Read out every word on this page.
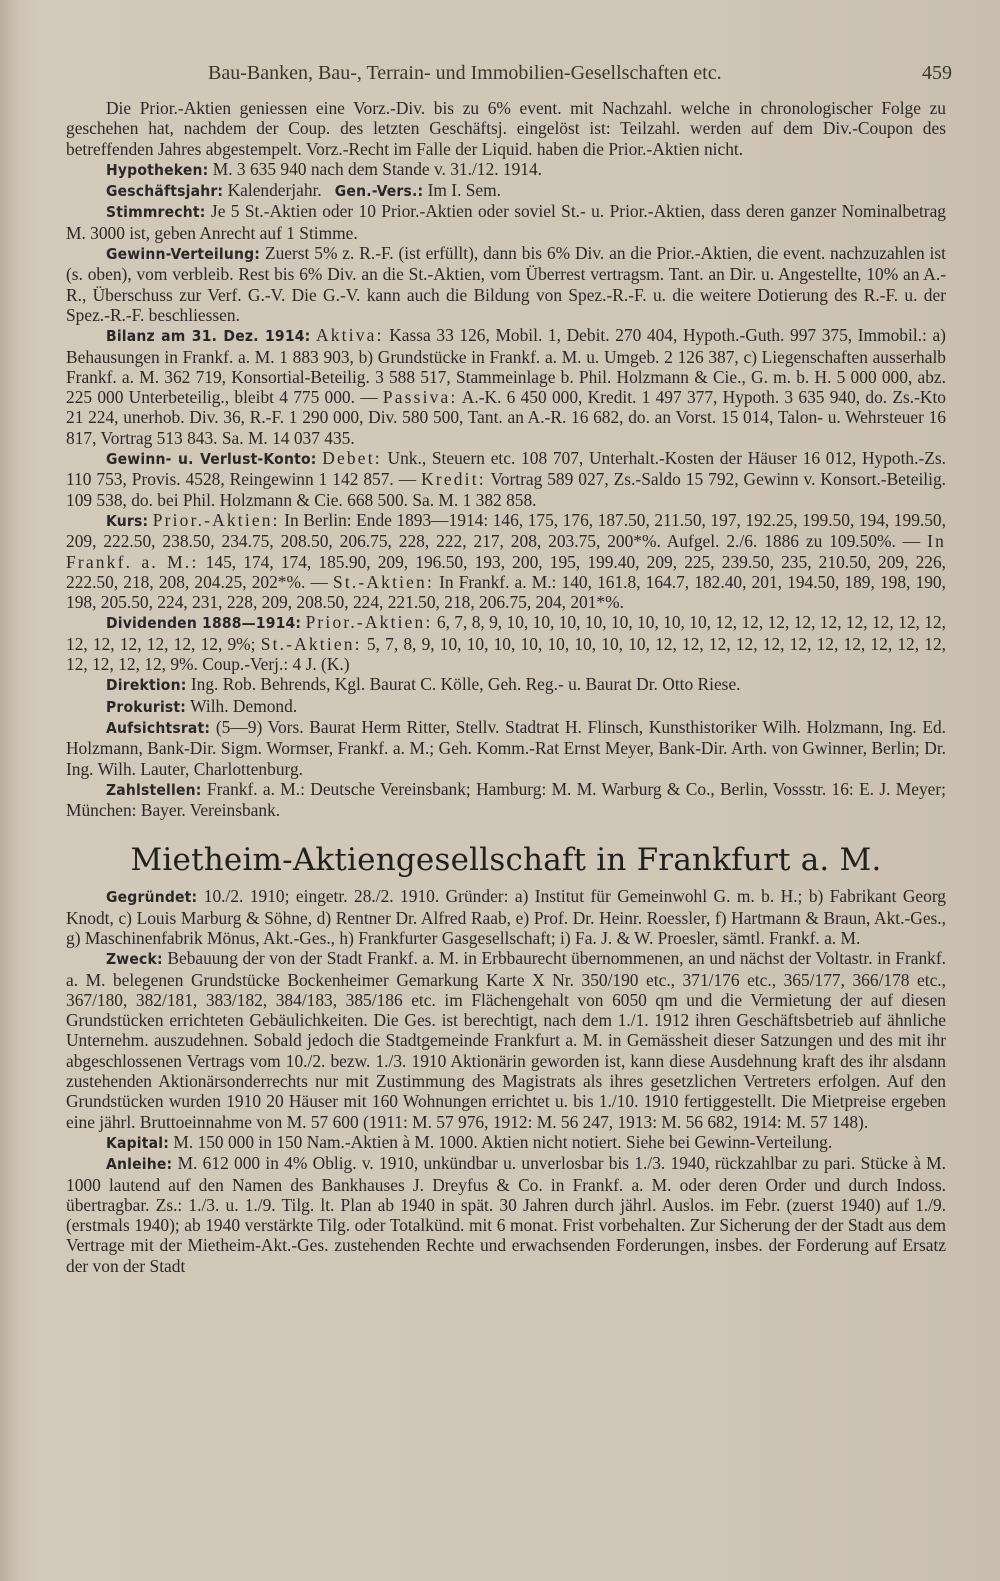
Bau-Banken, Bau-, Terrain- und Immobilien-Gesellschaften etc.	459

Die Prior.-Aktien geniessen eine Vorz.-Div. bis zu 6% event. mit Nachzahl. welche in chronologischer Folge zu geschehen hat, nachdem der Coup. des letzten Geschäftsj. eingelöst ist: Teilzahl. werden auf dem Div.-Coupon des betreffenden Jahres abgestempelt. Vorz.-Recht im Falle der Liquid. haben die Prior.-Aktien nicht.

Hypotheken: M. 3 635 940 nach dem Stande v. 31./12. 1914.

Geschäftsjahr: Kalenderjahr. Gen.-Vers.: Im I. Sem.

Stimmrecht: Je 5 St.-Aktien oder 10 Prior.-Aktien oder soviel St.- u. Prior.-Aktien, dass deren ganzer Nominalbetrag M. 3000 ist, geben Anrecht auf 1 Stimme.

Gewinn-Verteilung: Zuerst 5% z. R.-F. (ist erfüllt), dann bis 6% Div. an die Prior.-Aktien, die event. nachzuzahlen ist (s. oben), vom verbleib. Rest bis 6% Div. an die St.-Aktien, vom Überrest vertragsm. Tant. an Dir. u. Angestellte, 10% an A.-R., Überschuss zur Verf. G.-V. Die G.-V. kann auch die Bildung von Spez.-R.-F. u. die weitere Dotierung des R.-F. u. der Spez.-R.-F. beschliessen.

Bilanz am 31. Dez. 1914: Aktiva: Kassa 33 126, Mobil. 1, Debit. 270 404, Hypoth.-Guth. 997 375, Immobil.: a) Behausungen in Frankf. a. M. 1 883 903, b) Grundstücke in Frankf. a. M. u. Umgeb. 2 126 387, c) Liegenschaften ausserhalb Frankf. a. M. 362 719, Konsortial-Beteilig. 3 588 517, Stammeinlage b. Phil. Holzmann & Cie., G. m. b. H. 5 000 000, abz. 225 000 Unterbeteilig., bleibt 4 775 000. — Passiva: A.-K. 6 450 000, Kredit. 1 497 377, Hypoth. 3 635 940, do. Zs.-Kto 21 224, unerhob. Div. 36, R.-F. 1 290 000, Div. 580 500, Tant. an A.-R. 16 682, do. an Vorst. 15 014, Talon- u. Wehrsteuer 16 817, Vortrag 513 843. Sa. M. 14 037 435.

Gewinn- u. Verlust-Konto: Debet: Unk., Steuern etc. 108 707, Unterhalt.-Kosten der Häuser 16 012, Hypoth.-Zs. 110 753, Provis. 4528, Reingewinn 1 142 857. — Kredit: Vortrag 589 027, Zs.-Saldo 15 792, Gewinn v. Konsort.-Beteilig. 109 538, do. bei Phil. Holzmann & Cie. 668 500. Sa. M. 1 382 858.

Kurs: Prior.-Aktien: In Berlin: Ende 1893—1914: 146, 175, 176, 187.50, 211.50, 197, 192.25, 199.50, 194, 199.50, 209, 222.50, 238.50, 234.75, 208.50, 206.75, 228, 222, 217, 208, 203.75, 200*%. Aufgel. 2./6. 1886 zu 109.50%. — In Frankf. a. M.: 145, 174, 174, 185.90, 209, 196.50, 193, 200, 195, 199.40, 209, 225, 239.50, 235, 210.50, 209, 226, 222.50, 218, 208, 204.25, 202*%. — St.-Aktien: In Frankf. a. M.: 140, 161.8, 164.7, 182.40, 201, 194.50, 189, 198, 190, 198, 205.50, 224, 231, 228, 209, 208.50, 224, 221.50, 218, 206.75, 204, 201*%.

Dividenden 1888—1914: Prior.-Aktien: 6, 7, 8, 9, 10, 10, 10, 10, 10, 10, 10, 10, 12, 12, 12, 12, 12, 12, 12, 12, 12, 12, 12, 12, 12, 12, 12, 9%; St.-Aktien: 5, 7, 8, 9, 10, 10, 10, 10, 10, 10, 10, 10, 12, 12, 12, 12, 12, 12, 12, 12, 12, 12, 12, 12, 12, 12, 12, 9%. Coup.-Verj.: 4 J. (K.)

Direktion: Ing. Rob. Behrends, Kgl. Baurat C. Kölle, Geh. Reg.- u. Baurat Dr. Otto Riese.

Prokurist: Wilh. Demond.

Aufsichtsrat: (5—9) Vors. Baurat Herm Ritter, Stellv. Stadtrat H. Flinsch, Kunsthistoriker Wilh. Holzmann, Ing. Ed. Holzmann, Bank-Dir. Sigm. Wormser, Frankf. a. M.; Geh. Komm.-Rat Ernst Meyer, Bank-Dir. Arth. von Gwinner, Berlin; Dr. Ing. Wilh. Lauter, Charlottenburg.

Zahlstellen: Frankf. a. M.: Deutsche Vereinsbank; Hamburg: M. M. Warburg & Co., Berlin, Vossstr. 16: E. J. Meyer; München: Bayer. Vereinsbank.

Mietheim-Aktiengesellschaft in Frankfurt a. M.

Gegründet: 10./2. 1910; eingetr. 28./2. 1910. Gründer: a) Institut für Gemeinwohl G. m. b. H.; b) Fabrikant Georg Knodt, c) Louis Marburg & Söhne, d) Rentner Dr. Alfred Raab, e) Prof. Dr. Heinr. Roessler, f) Hartmann & Braun, Akt.-Ges., g) Maschinenfabrik Mönus, Akt.-Ges., h) Frankfurter Gasgesellschaft; i) Fa. J. & W. Proesler, sämtl. Frankf. a. M.

Zweck: Bebauung der von der Stadt Frankf. a. M. in Erbbaurecht übernommenen, an und nächst der Voltastr. in Frankf. a. M. belegenen Grundstücke Bockenheimer Gemarkung Karte X Nr. 350/190 etc., 371/176 etc., 365/177, 366/178 etc., 367/180, 382/181, 383/182, 384/183, 385/186 etc. im Flächengehalt von 6050 qm und die Vermietung der auf diesen Grundstücken errichteten Gebäulichkeiten. Die Ges. ist berechtigt, nach dem 1./1. 1912 ihren Geschäftsbetrieb auf ähnliche Unternehm. auszudehnen. Sobald jedoch die Stadtgemeinde Frankfurt a. M. in Gemässheit dieser Satzungen und des mit ihr abgeschlossenen Vertrags vom 10./2. bezw. 1./3. 1910 Aktionärin geworden ist, kann diese Ausdehnung kraft des ihr alsdann zustehenden Aktionärsonderrechts nur mit Zustimmung des Magistrats als ihres gesetzlichen Vertreters erfolgen. Auf den Grundstücken wurden 1910 20 Häuser mit 160 Wohnungen errichtet u. bis 1./10. 1910 fertiggestellt. Die Mietpreise ergeben eine jährl. Bruttoeinnahme von M. 57 600 (1911: M. 57 976, 1912: M. 56 247, 1913: M. 56 682, 1914: M. 57 148).

Kapital: M. 150 000 in 150 Nam.-Aktien à M. 1000. Aktien nicht notiert. Siehe bei Gewinn-Verteilung.

Anleihe: M. 612 000 in 4% Oblig. v. 1910, unkündbar u. unverlosbar bis 1./3. 1940, rückzahlbar zu pari. Stücke à M. 1000 lautend auf den Namen des Bankhauses J. Dreyfus & Co. in Frankf. a. M. oder deren Order und durch Indoss. übertragbar. Zs.: 1./3. u. 1./9. Tilg. lt. Plan ab 1940 in spät. 30 Jahren durch jährl. Auslos. im Febr. (zuerst 1940) auf 1./9. (erstmals 1940); ab 1940 verstärkte Tilg. oder Totalkünd. mit 6 monat. Frist vorbehalten. Zur Sicherung der der Stadt aus dem Vertrage mit der Mietheim-Akt.-Ges. zustehenden Rechte und erwachsenden Forderungen, insbes. der Forderung auf Ersatz der von der Stadt
